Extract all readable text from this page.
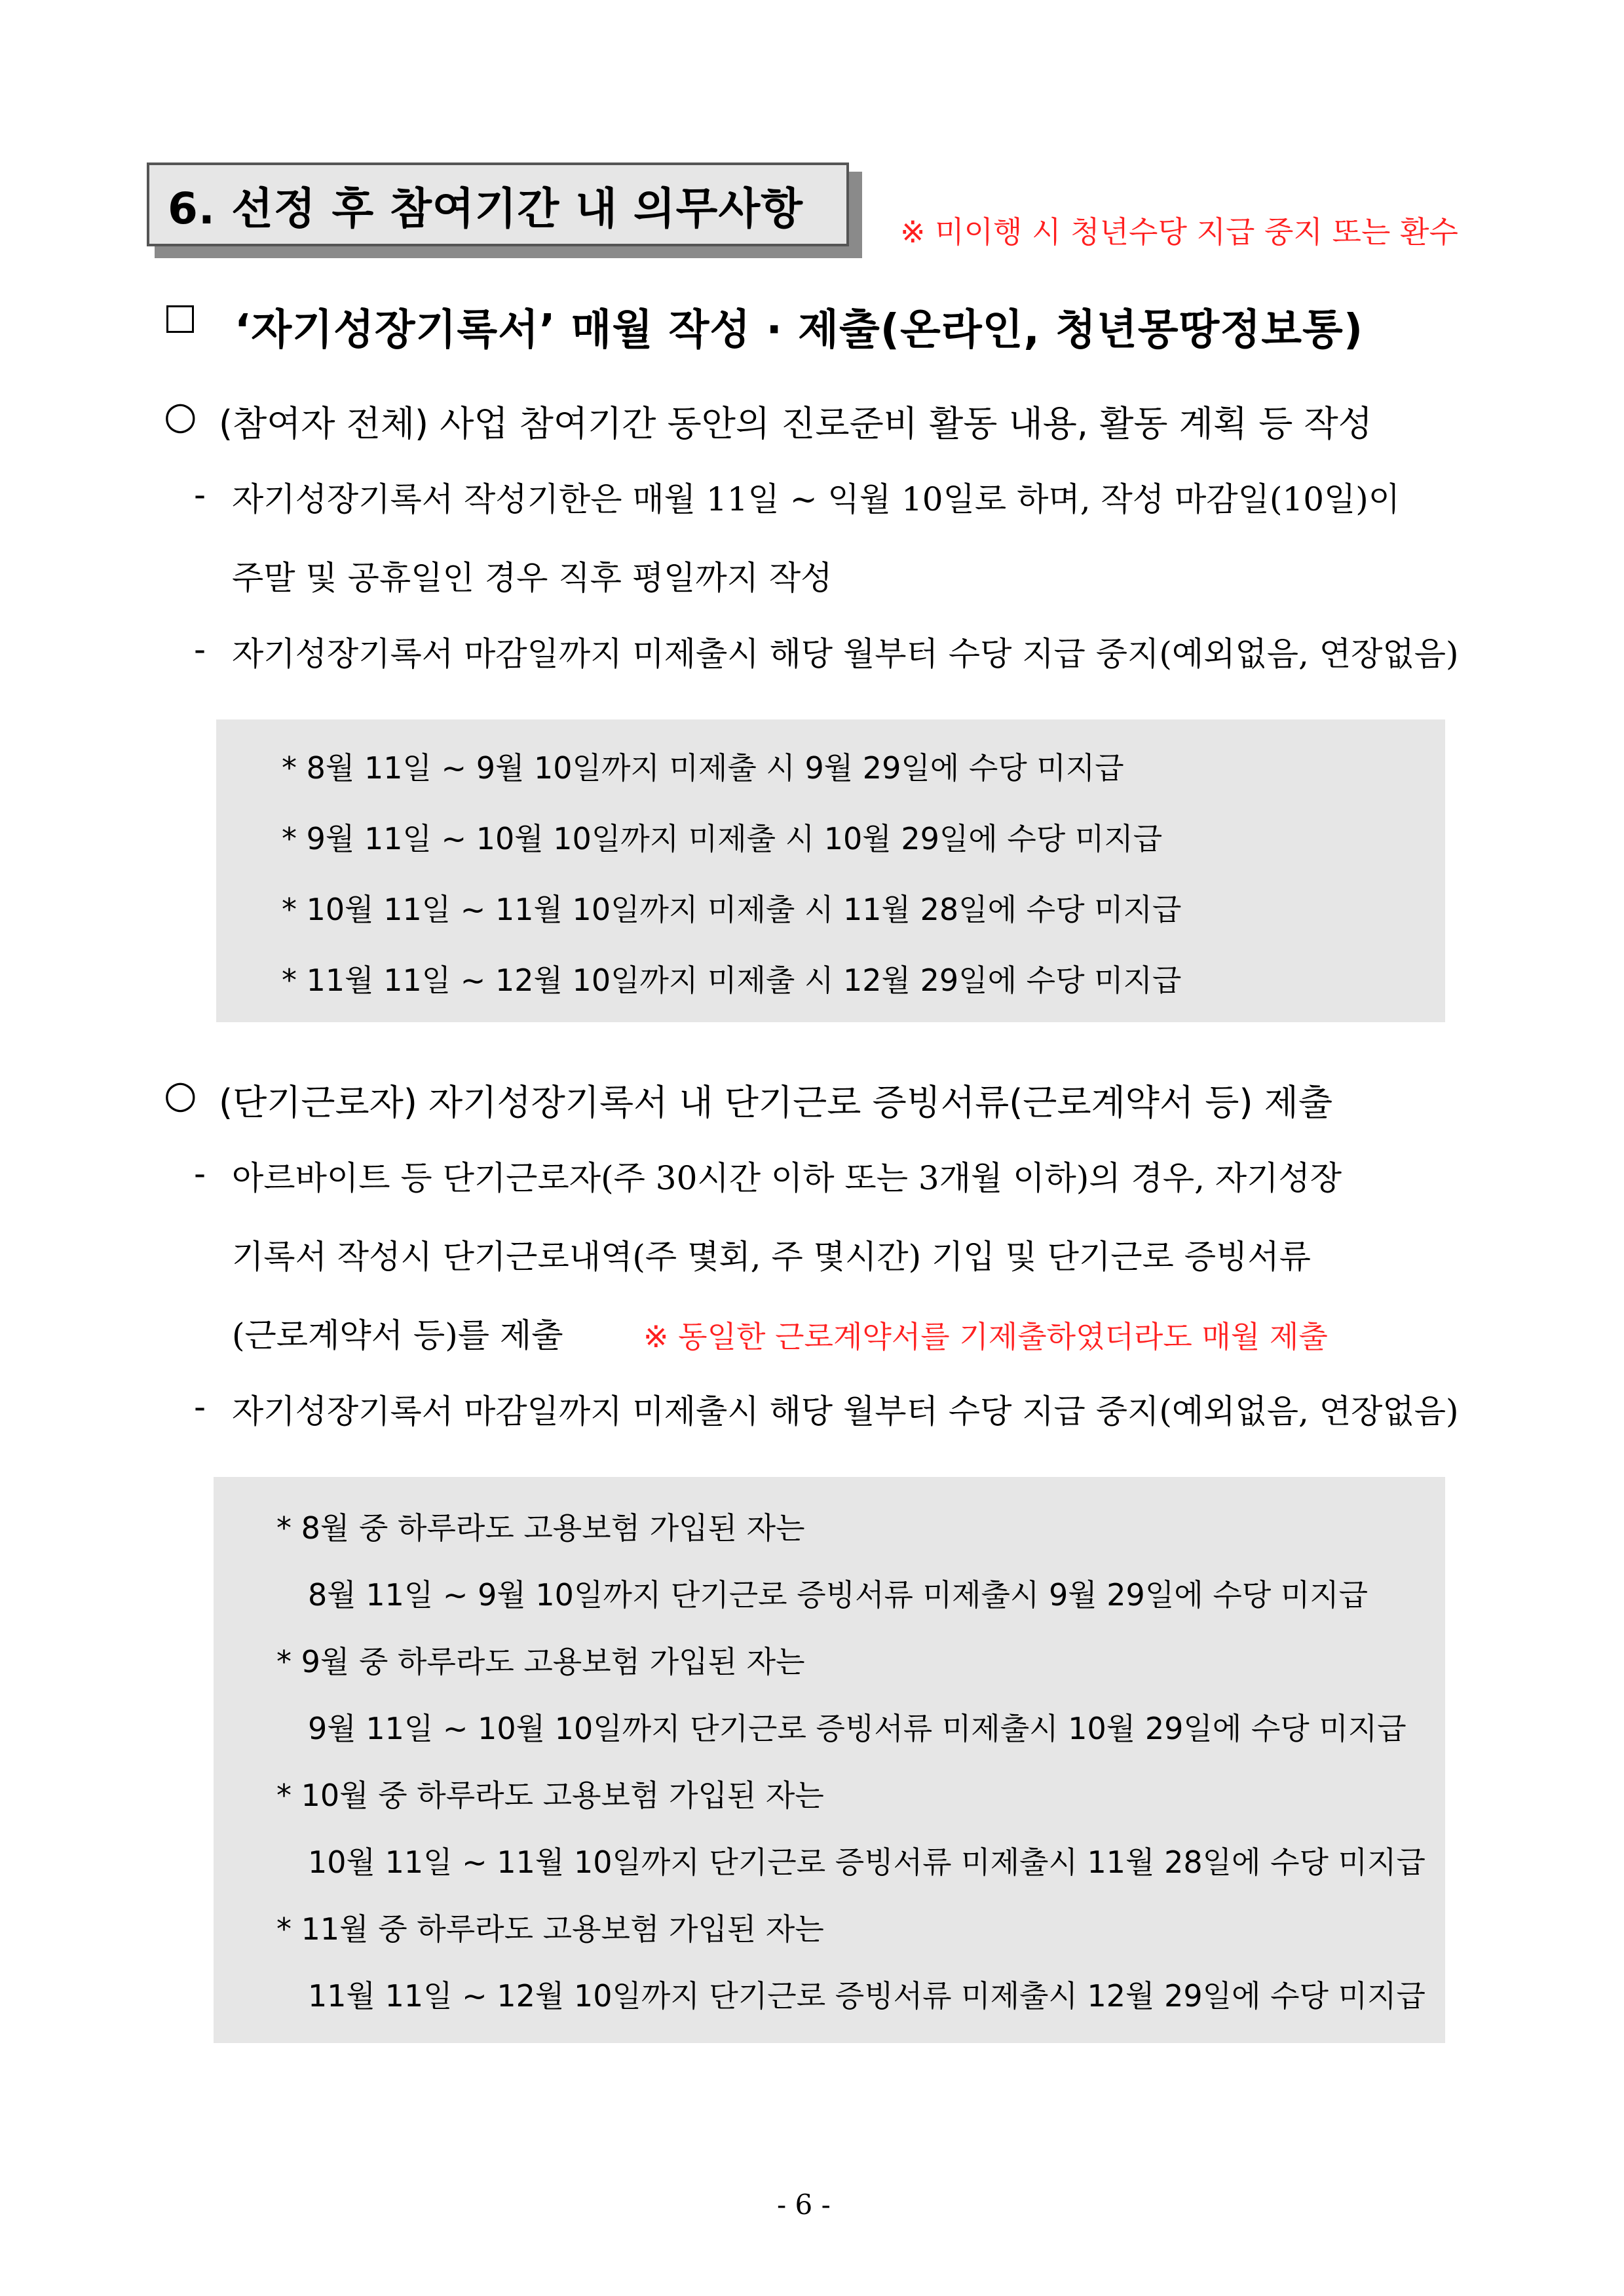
6. 선정 후 참여기간 내 의무사항	※ 미이행 시 청년수당 지급 중지 또는 환수
‘자기성장기록서’ 매월 작성 · 제출(온라인, 청년몽땅정보통)
○ (참여자 전체) 사업 참여기간 동안의 진로준비 활동 내용, 활동 계획 등 작성
- 자기성장기록서 작성기한은 매월 11일 ~ 익월 10일로 하며, 작성 마감일(10일)이
주말 및 공휴일인 경우 직후 평일까지 작성
- 자기성장기록서 마감일까지 미제출시 해당 월부터 수당 지급 중지(예외없음, 연장없음)
* 8월 11일 ~ 9월 10일까지 미제출 시 9월 29일에 수당 미지급
* 9월 11일 ~ 10월 10일까지 미제출 시 10월 29일에 수당 미지급
* 10월 11일 ~ 11월 10일까지 미제출 시 11월 28일에 수당 미지급
* 11월 11일 ~ 12월 10일까지 미제출 시 12월 29일에 수당 미지급
○ (단기근로자) 자기성장기록서 내 단기근로 증빙서류(근로계약서 등) 제출
- 아르바이트 등 단기근로자(주 30시간 이하 또는 3개월 이하)의 경우, 자기성장
기록서 작성시 단기근로내역(주 몇회, 주 몇시간) 기입 및 단기근로 증빙서류
(근로계약서 등)를 제출	※ 동일한 근로계약서를 기제출하였더라도 매월 제출
- 자기성장기록서 마감일까지 미제출시 해당 월부터 수당 지급 중지(예외없음, 연장없음)
* 8월 중 하루라도 고용보험 가입된 자는
8월 11일 ~ 9월 10일까지 단기근로 증빙서류 미제출시 9월 29일에 수당 미지급
* 9월 중 하루라도 고용보험 가입된 자는
9월 11일 ~ 10월 10일까지 단기근로 증빙서류 미제출시 10월 29일에 수당 미지급
* 10월 중 하루라도 고용보험 가입된 자는
10월 11일 ~ 11월 10일까지 단기근로 증빙서류 미제출시 11월 28일에 수당 미지급
* 11월 중 하루라도 고용보험 가입된 자는
11월 11일 ~ 12월 10일까지 단기근로 증빙서류 미제출시 12월 29일에 수당 미지급
- 6 -
